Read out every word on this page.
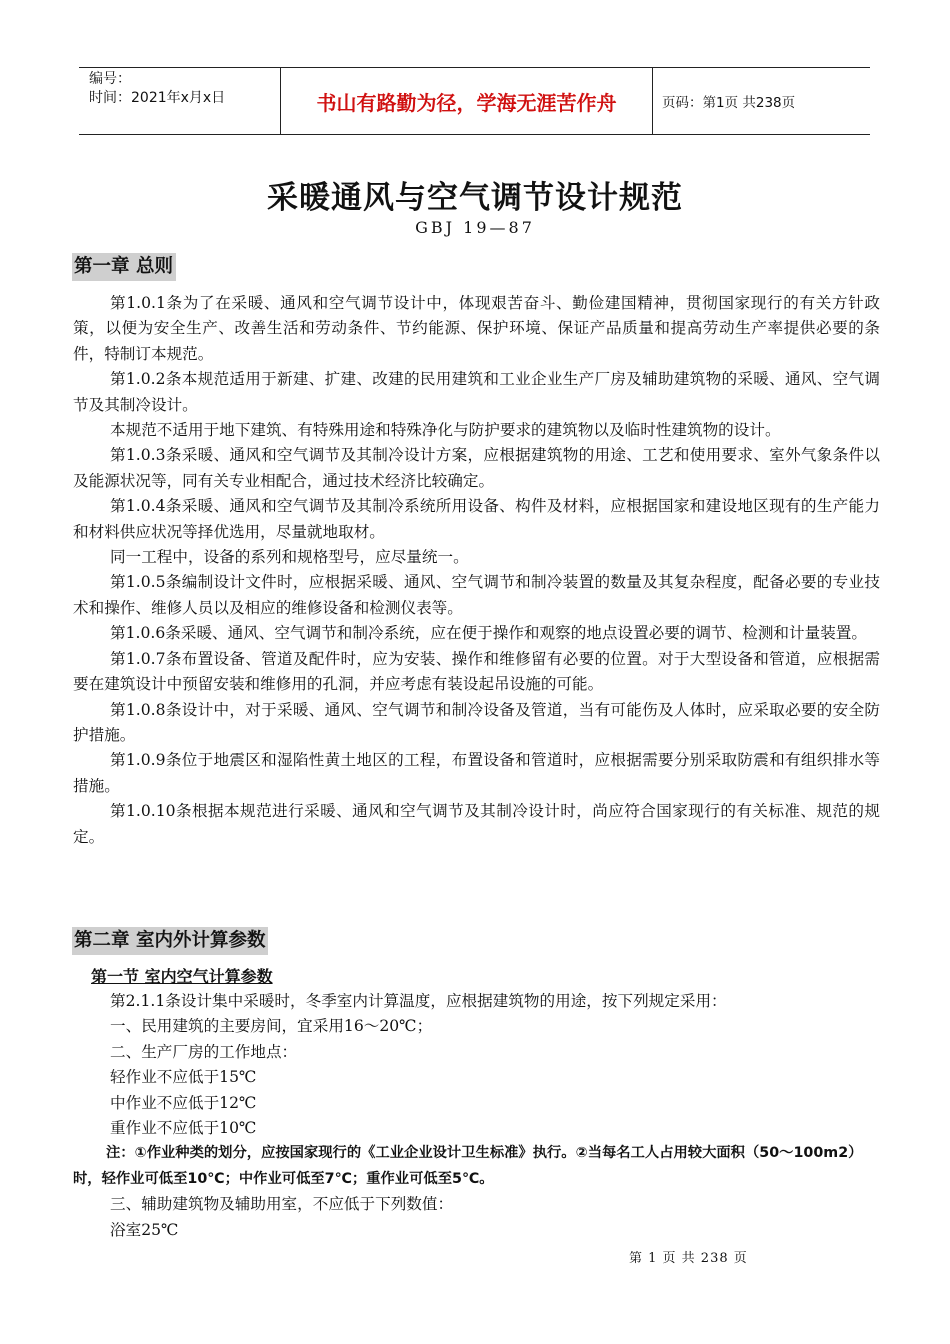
编号：
时间：2021年x月x日	书山有路勤为径，学海无涯苦作舟	页码：第1页 共238页
采暖通风与空气调节设计规范
GBJ 19—87
第一章 总则

第1.0.1条为了在采暖、通风和空气调节设计中，体现艰苦奋斗、勤俭建国精神，贯彻国家现行的有关方针政策，以便为安全生产、改善生活和劳动条件、节约能源、保护环境、保证产品质量和提高劳动生产率提供必要的条件，特制订本规范。

第1.0.2条本规范适用于新建、扩建、改建的民用建筑和工业企业生产厂房及辅助建筑物的采暖、通风、空气调节及其制冷设计。

本规范不适用于地下建筑、有特殊用途和特殊净化与防护要求的建筑物以及临时性建筑物的设计。

第1.0.3条采暖、通风和空气调节及其制冷设计方案，应根据建筑物的用途、工艺和使用要求、室外气象条件以及能源状况等，同有关专业相配合，通过技术经济比较确定。

第1.0.4条采暖、通风和空气调节及其制冷系统所用设备、构件及材料，应根据国家和建设地区现有的生产能力和材料供应状况等择优选用，尽量就地取材。

同一工程中，设备的系列和规格型号，应尽量统一。

第1.0.5条编制设计文件时，应根据采暖、通风、空气调节和制冷装置的数量及其复杂程度，配备必要的专业技术和操作、维修人员以及相应的维修设备和检测仪表等。

第1.0.6条采暖、通风、空气调节和制冷系统，应在便于操作和观察的地点设置必要的调节、检测和计量装置。

第1.0.7条布置设备、管道及配件时，应为安装、操作和维修留有必要的位置。对于大型设备和管道，应根据需要在建筑设计中预留安装和维修用的孔洞，并应考虑有装设起吊设施的可能。

第1.0.8条设计中，对于采暖、通风、空气调节和制冷设备及管道，当有可能伤及人体时，应采取必要的安全防护措施。

第1.0.9条位于地震区和湿陷性黄土地区的工程，布置设备和管道时，应根据需要分别采取防震和有组织排水等措施。

第1.0.10条根据本规范进行采暖、通风和空气调节及其制冷设计时，尚应符合国家现行的有关标准、规范的规定。

第二章 室内外计算参数
第一节 室内空气计算参数

第2.1.1条设计集中采暖时，冬季室内计算温度，应根据建筑物的用途，按下列规定采用：

一、民用建筑的主要房间，宜采用16～20℃；

二、生产厂房的工作地点：

轻作业不应低于15℃

中作业不应低于12℃

重作业不应低于10℃

注：①作业种类的划分，应按国家现行的《工业企业设计卫生标准》执行。②当每名工人占用较大面积（50～100m2）时，轻作业可低至10℃；中作业可低至7℃；重作业可低至5℃。

三、辅助建筑物及辅助用室，不应低于下列数值：

浴室25℃

第 1 页 共 238 页
